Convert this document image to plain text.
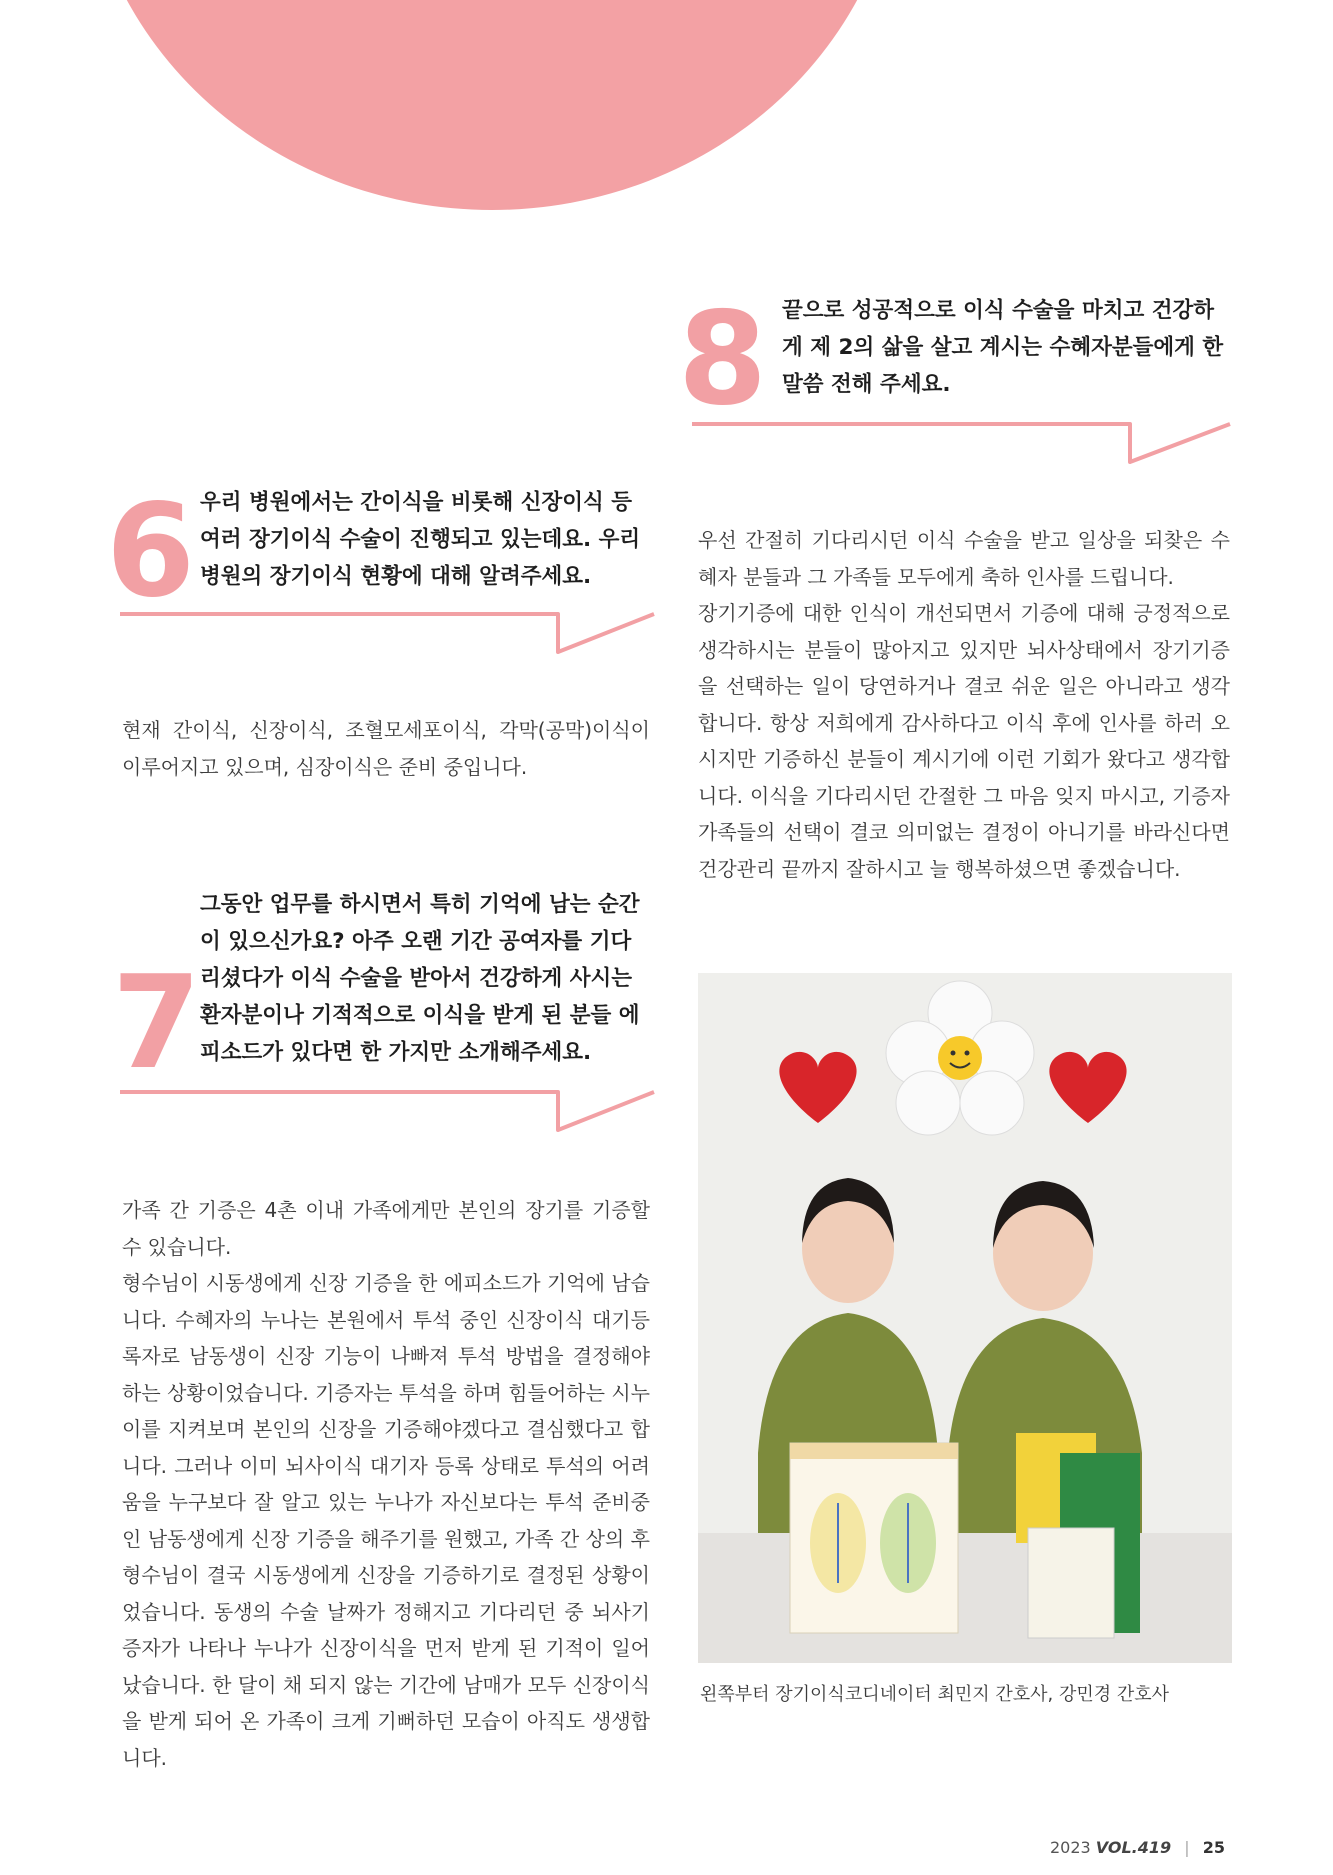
8 끝으로 성공적으로 이식 수술을 마치고 건강하게 제 2의 삶을 살고 계시는 수혜자분들에게 한 말씀 전해 주세요.
우선 간절히 기다리시던 이식 수술을 받고 일상을 되찾은 수혜자 분들과 그 가족들 모두에게 축하 인사를 드립니다.
장기기증에 대한 인식이 개선되면서 기증에 대해 긍정적으로 생각하시는 분들이 많아지고 있지만 뇌사상태에서 장기기증을 선택하는 일이 당연하거나 결코 쉬운 일은 아니라고 생각합니다. 항상 저희에게 감사하다고 이식 후에 인사를 하러 오시지만 기증하신 분들이 계시기에 이런 기회가 왔다고 생각합니다. 이식을 기다리시던 간절한 그 마음 잊지 마시고, 기증자 가족들의 선택이 결코 의미없는 결정이 아니기를 바라신다면 건강관리 끝까지 잘하시고 늘 행복하셨으면 좋겠습니다.
6 우리 병원에서는 간이식을 비롯해 신장이식 등 여러 장기이식 수술이 진행되고 있는데요. 우리 병원의 장기이식 현황에 대해 알려주세요.
현재 간이식, 신장이식, 조혈모세포이식, 각막(공막)이식이 이루어지고 있으며, 심장이식은 준비 중입니다.
7
그동안 업무를 하시면서 특히 기억에 남는 순간이 있으신가요? 아주 오랜 기간 공여자를 기다리셨다가 이식 수술을 받아서 건강하게 사시는 환자분이나 기적적으로 이식을 받게 된 분들 에피소드가 있다면 한 가지만 소개해주세요.
가족 간 기증은 4촌 이내 가족에게만 본인의 장기를 기증할 수 있습니다.
형수님이 시동생에게 신장 기증을 한 에피소드가 기억에 남습니다. 수혜자의 누나는 본원에서 투석 중인 신장이식 대기등록자로 남동생이 신장 기능이 나빠져 투석 방법을 결정해야 하는 상황이었습니다. 기증자는 투석을 하며 힘들어하는 시누이를 지켜보며 본인의 신장을 기증해야겠다고 결심했다고 합니다. 그러나 이미 뇌사이식 대기자 등록 상태로 투석의 어려움을 누구보다 잘 알고 있는 누나가 자신보다는 투석 준비중인 남동생에게 신장 기증을 해주기를 원했고, 가족 간 상의 후 형수님이 결국 시동생에게 신장을 기증하기로 결정된 상황이었습니다. 동생의 수술 날짜가 정해지고 기다리던 중 뇌사기증자가 나타나 누나가 신장이식을 먼저 받게 된 기적이 일어났습니다. 한 달이 채 되지 않는 기간에 남매가 모두 신장이식을 받게 되어 온 가족이 크게 기뻐하던 모습이 아직도 생생합니다.
왼쪽부터 장기이식코디네이터 최민지 간호사, 강민경 간호사
2023 VOL.419 | 25
